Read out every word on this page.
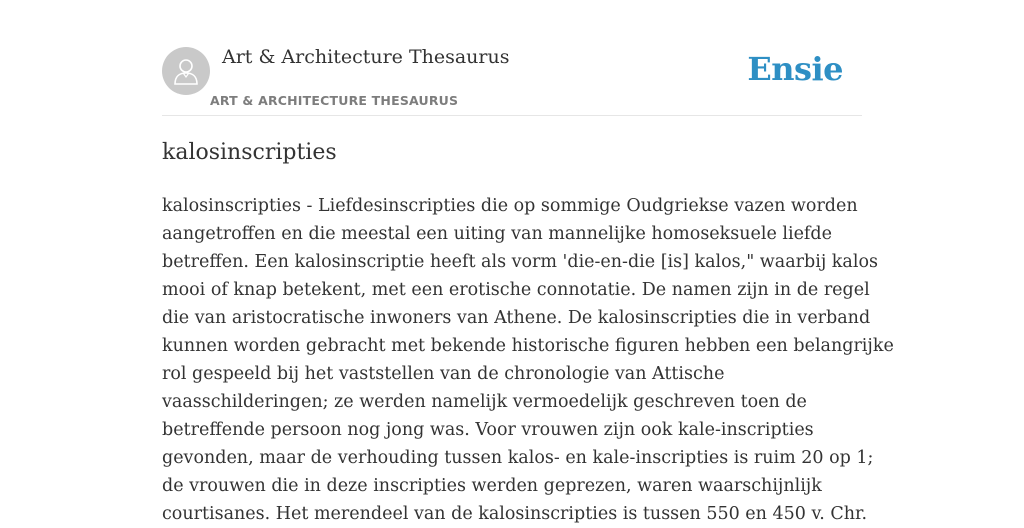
Art & Architecture Thesaurus
ART & ARCHITECTURE THESAURUS
Ensie
kalosinscripties
kalosinscripties - Liefdesinscripties die op sommige Oudgriekse vazen worden
aangetroffen en die meestal een uiting van mannelijke homoseksuele liefde
betreffen. Een kalosinscriptie heeft als vorm 'die-en-die [is] kalos," waarbij kalos
mooi of knap betekent, met een erotische connotatie. De namen zijn in de regel
die van aristocratische inwoners van Athene. De kalosinscripties die in verband
kunnen worden gebracht met bekende historische figuren hebben een belangrijke
rol gespeeld bij het vaststellen van de chronologie van Attische
vaasschilderingen; ze werden namelijk vermoedelijk geschreven toen de
betreffende persoon nog jong was. Voor vrouwen zijn ook kale-inscripties
gevonden, maar de verhouding tussen kalos- en kale-inscripties is ruim 20 op 1;
de vrouwen die in deze inscripties werden geprezen, waren waarschijnlijk
courtisanes. Het merendeel van de kalosinscripties is tussen 550 en 450 v. Chr.
